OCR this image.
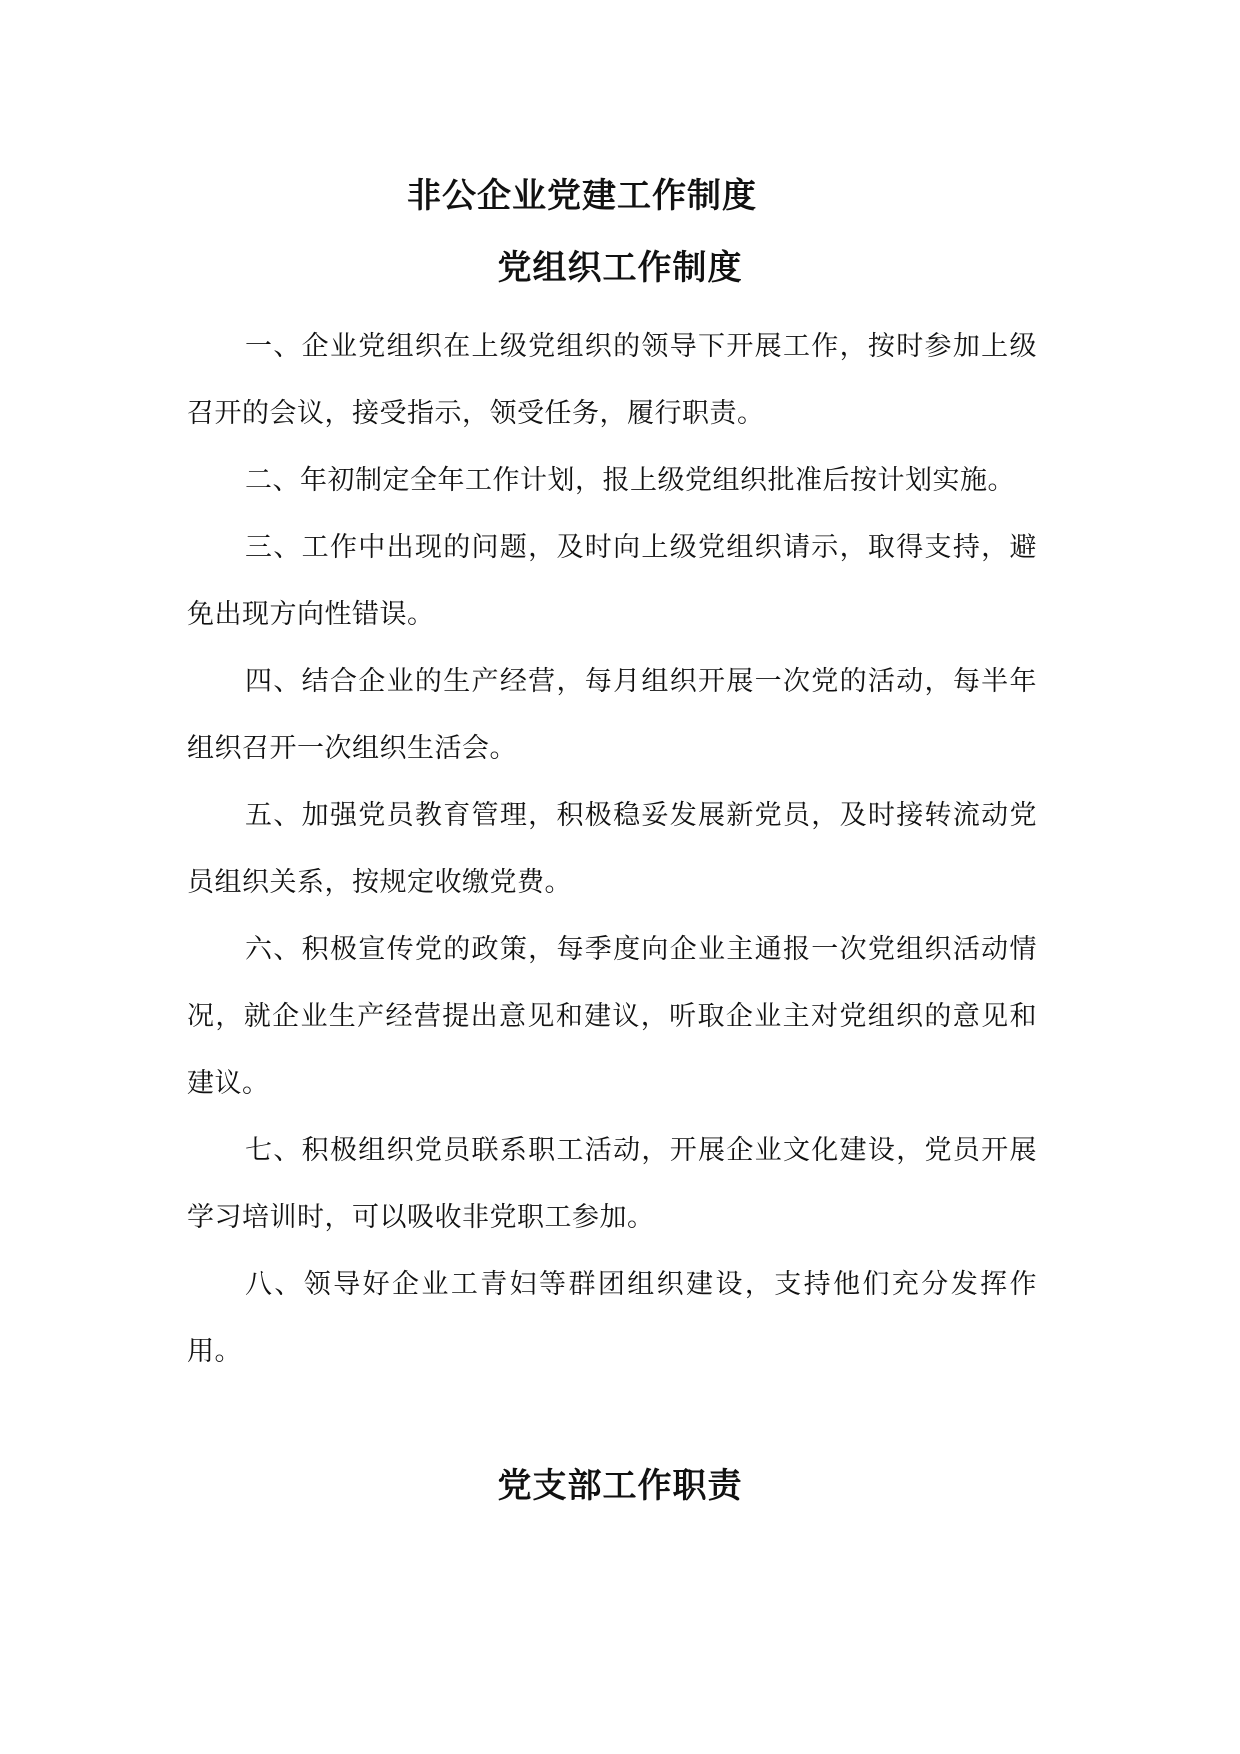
非公企业党建工作制度
党组织工作制度

一、企业党组织在上级党组织的领导下开展工作，按时参加上级召开的会议，接受指示，领受任务，履行职责。

二、年初制定全年工作计划，报上级党组织批准后按计划实施。

三、工作中出现的问题，及时向上级党组织请示，取得支持，避免出现方向性错误。

四、结合企业的生产经营，每月组织开展一次党的活动，每半年组织召开一次组织生活会。

五、加强党员教育管理，积极稳妥发展新党员，及时接转流动党员组织关系，按规定收缴党费。

六、积极宣传党的政策，每季度向企业主通报一次党组织活动情况，就企业生产经营提出意见和建议，听取企业主对党组织的意见和建议。

七、积极组织党员联系职工活动，开展企业文化建设，党员开展学习培训时，可以吸收非党职工参加。

八、领导好企业工青妇等群团组织建设，支持他们充分发挥作用。

党支部工作职责
